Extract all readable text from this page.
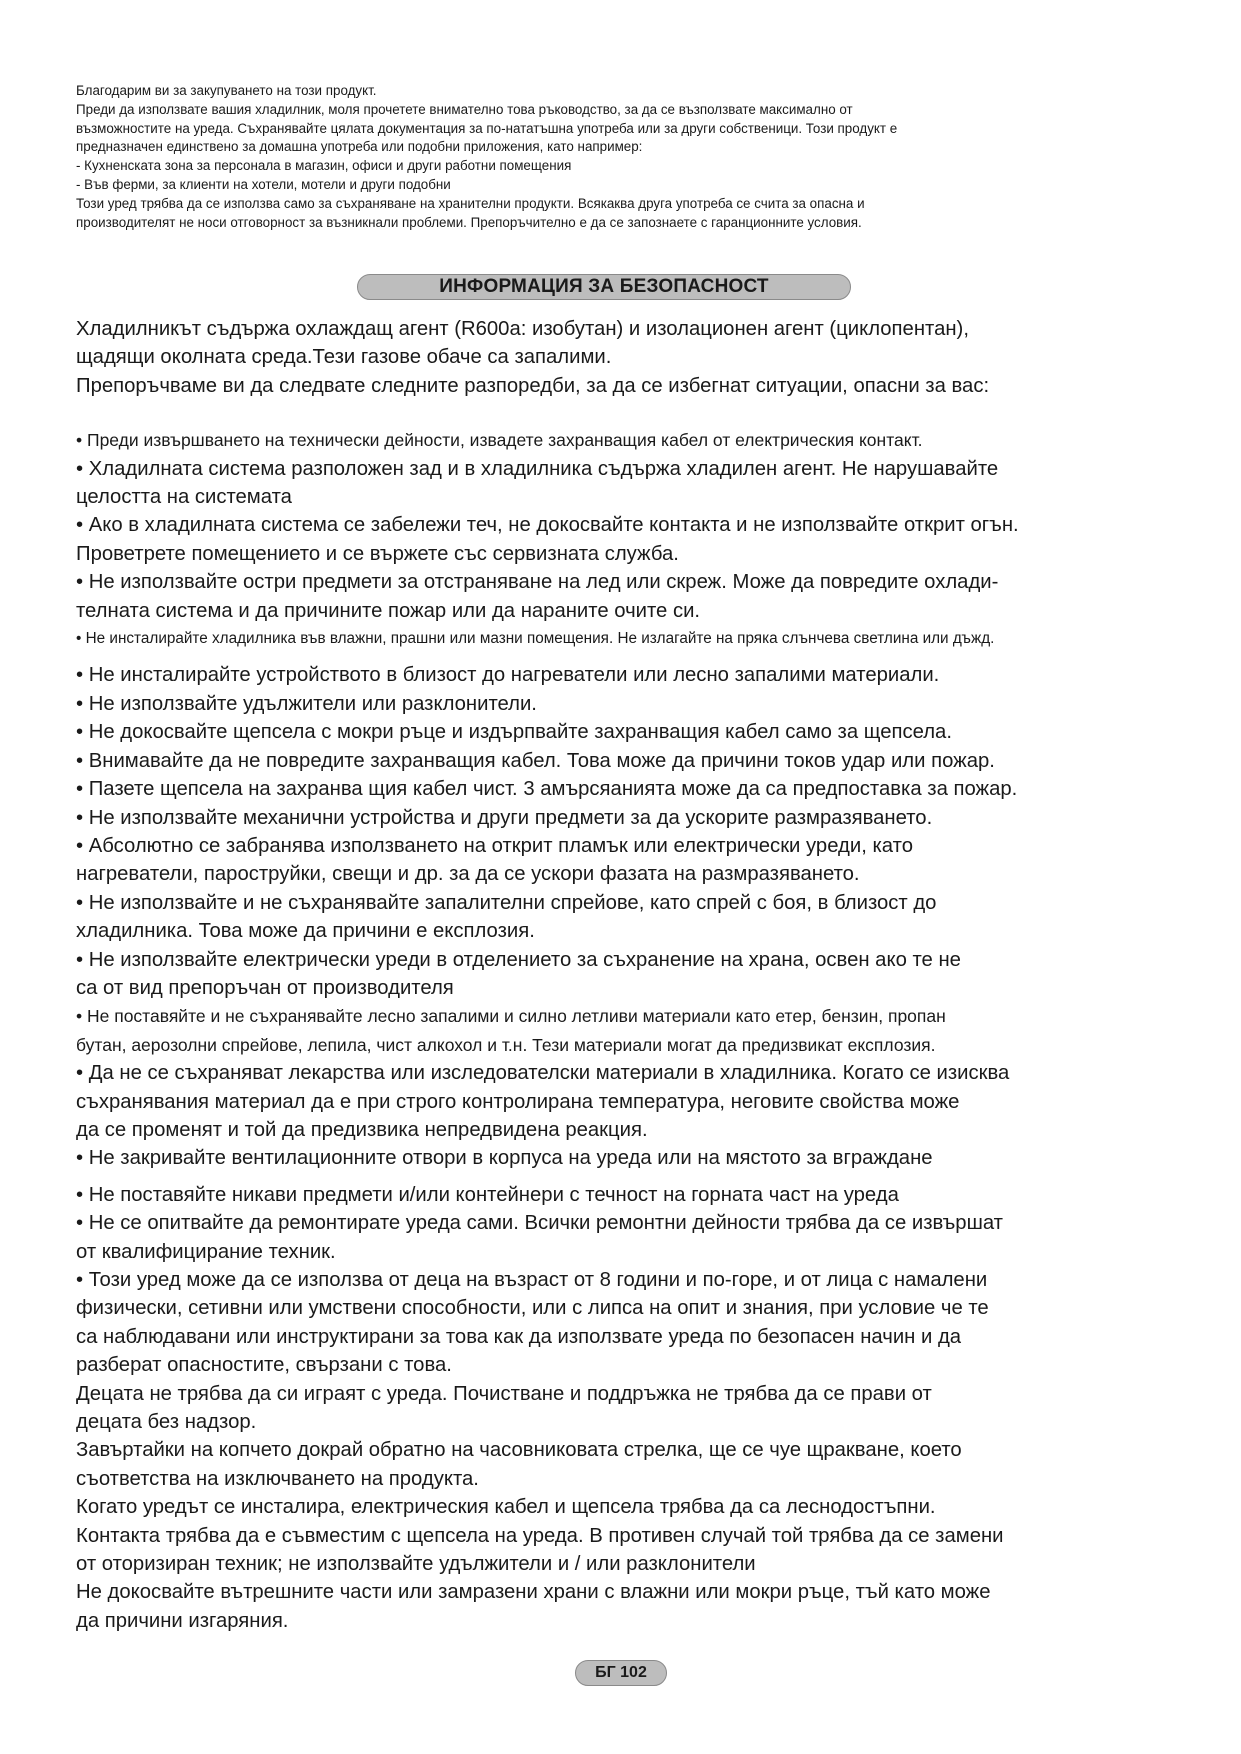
Благодарим ви за закупуването на този продукт.

Преди да използвате вашия хладилник, моля прочетете внимателно това ръководство, за да се възползвате максимално от

възможностите на уреда. Съхранявайте цялата документация за по-нататъшна употреба или за други собственици. Този продукт е

предназначен единствено за домашна употреба или подобни приложения, като например:

- Кухненската зона за персонала в магазин, офиси и други работни помещения

- Във ферми, за клиенти на хотели, мотели и други подобни

Този уред трябва да се използва само за съхраняване на хранителни продукти. Всякаква друга употреба се счита за опасна и

производителят не носи отговорност за възникнали проблеми. Препоръчително е да се запознаете с гаранционните условия.

ИНФОРМАЦИЯ ЗА БЕЗОПАСНОСТ

Хладилникът съдържа охлаждащ агент (R600a: изобутан) и изолационен агент (циклопентан),

щадящи околната среда.Тези газове обаче са запалими.

Препоръчваме ви да следвате следните разпоредби, за да се избегнат ситуации, опасни за вас:

• Преди извършването на технически дейности, извадете захранващия кабел от електрическия контакт.

• Хладилната система разположен зад и в хладилника съдържа хладилен агент. Не нарушавайте

целостта на системата

• Ако в хладилната система се забележи теч, не докосвайте контакта и не използвайте открит огън.

Проветрете помещението и се вържете със сервизната служба.

• Не използвайте остри предмети за отстраняване на лед или скреж. Може да повредите охлади-

телната система и да причините пожар или да нараните очите си.

• Не инсталирайте хладилника във влажни, прашни или мазни помещения. Не излагайте на пряка слънчева светлина или дъжд.

• Не инсталирайте устройството в близост до нагреватели или лесно запалими материали.

• Не използвайте удължители или разклонители.

• Не докосвайте щепсела с мокри ръце и издърпвайте захранващия кабел само за щепсела.

• Внимавайте да не повредите захранващия кабел. Това може да причини токов удар или пожар.

• Пазете щепсела на захранва щия кабел чист. 3 амърсяанията може да са предпоставка за пожар.

• Не използвайте механични устройства и други предмети за да ускорите размразяването.

• Абсолютно се забранява използването на открит пламък или електрически уреди, като

нагреватели, пароструйки, свещи и др. за да се ускори фазата на размразяването.

• Не използвайте и не съхранявайте запалителни спрейове, като спрей с боя, в близост до

хладилника. Това може да причини е експлозия.

• Не използвайте електрически уреди в отделението за съхранение на храна, освен ако те не

са от вид препоръчан от производителя

• Не поставяйте и не съхранявайте лесно запалими и силно летливи материали като етер, бензин, пропан

бутан, аерозолни спрейове, лепила, чист алкохол и т.н. Тези материали могат да предизвикат експлозия.

• Да не се съхраняват лекарства или изследователски материали в хладилника. Когато се изисква

съхранявания материал да е при строго контролирана температура, неговите свойства може

да се променят и той да предизвика непредвидена реакция.

• Не закривайте вентилационните отвори в корпуса на уреда или на мястото за вграждане

• Не поставяйте никави предмети и/или контейнери с течност на горната част на уреда

• Не се опитвайте да ремонтирате уреда сами. Всички ремонтни дейности трябва да се извършат

от квалифицирание техник.

• Този уред може да се използва от деца на възраст от 8 години и по-горе, и от лица с намалени

физически, сетивни или умствени способности, или с липса на опит и знания, при условие че те

са наблюдавани или инструктирани за това как да използвате уреда по безопасен начин и да

разберат опасностите, свързани с това.

Децата не трябва да си играят с уреда. Почистване и поддръжка не трябва да се прави от

децата без надзор.

Завъртайки на копчето докрай обратно на часовниковата стрелка, ще се чуе щракване, което

съответства на изключването на продукта.

Когато уредът се инсталира, електрическия кабел и щепсела трябва да са леснодостъпни.

Контакта трябва да е съвместим с щепсела на уреда. В противен случай той трябва да се замени

от оторизиран техник; не използвайте удължители и / или разклонители

Не докосвайте вътрешните части или замразени храни с влажни или мокри ръце, тъй като може

да причини изгаряния.

БГ 102
